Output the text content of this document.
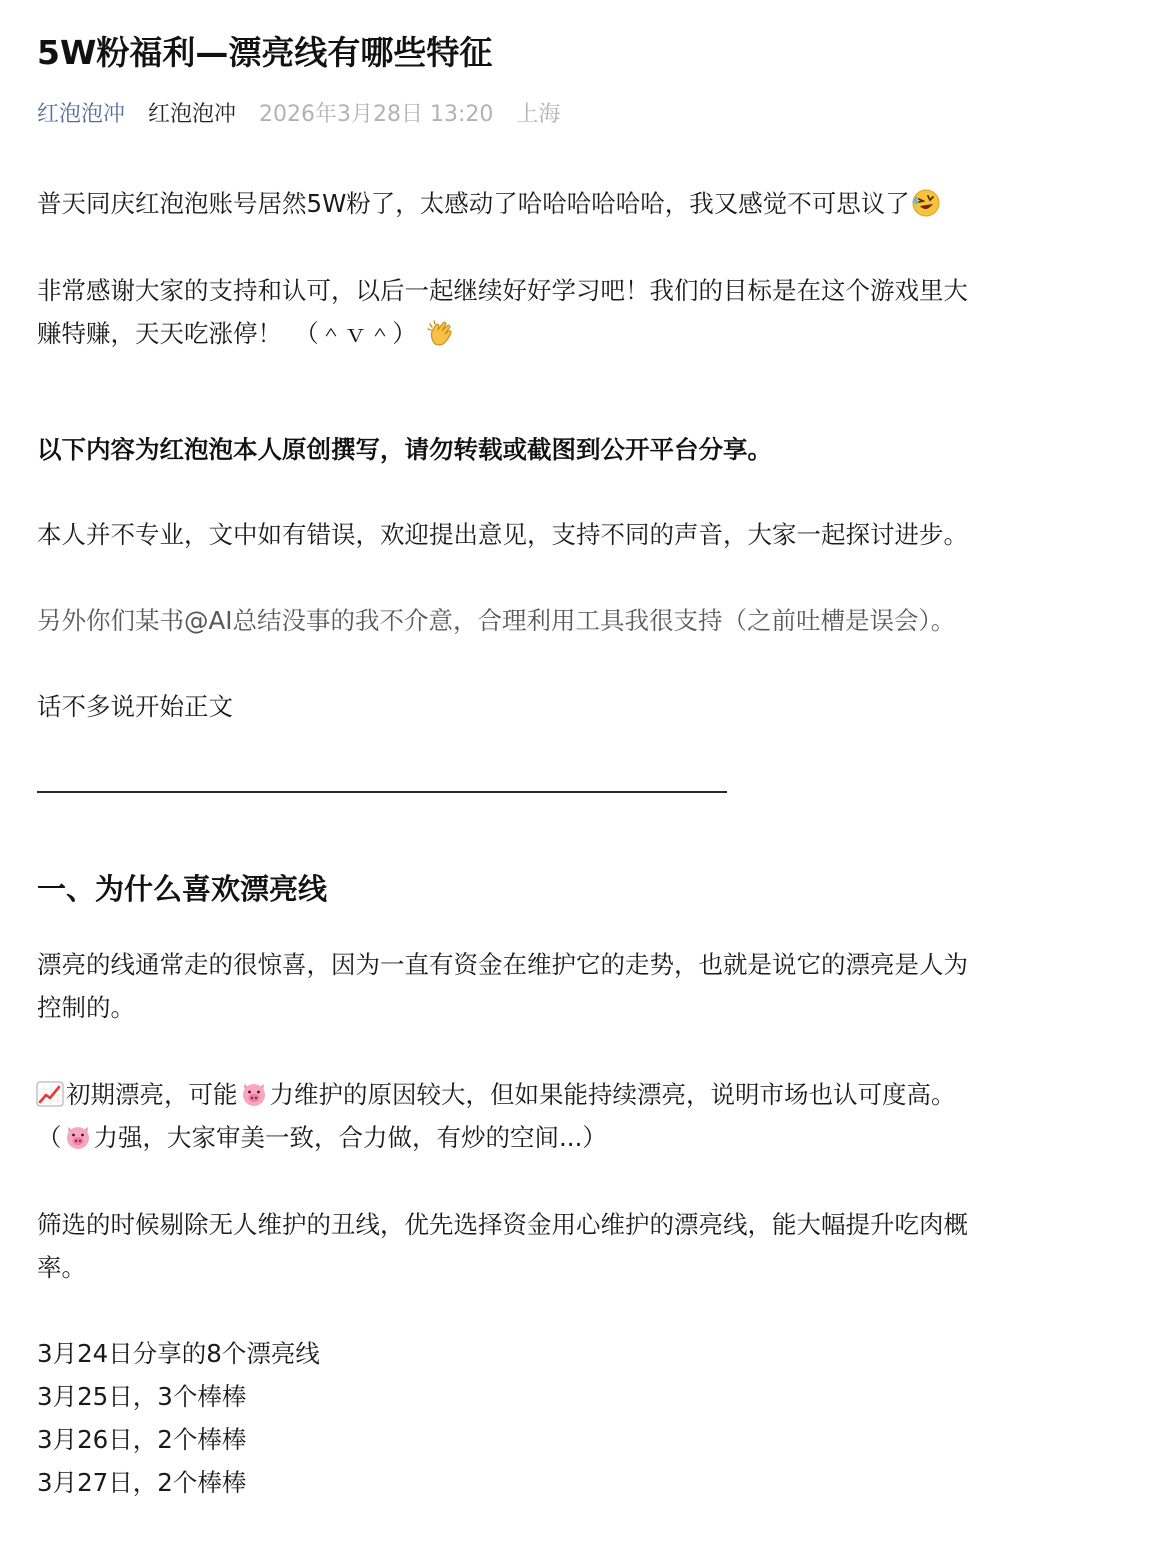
5W粉福利—漂亮线有哪些特征
红泡泡冲 红泡泡冲 2026年3月28日 13:20 上海
普天同庆红泡泡账号居然5W粉了，太感动了哈哈哈哈哈哈，我又感觉不可思议了
非常感谢大家的支持和认可，以后一起继续好好学习吧！我们的目标是在这个游戏里大
赚特赚，天天吃涨停！　（＾ｖ＾）
以下内容为红泡泡本人原创撰写，请勿转载或截图到公开平台分享。
本人并不专业，文中如有错误，欢迎提出意见，支持不同的声音，大家一起探讨进步。
另外你们某书@AI总结没事的我不介意，合理利用工具我很支持（之前吐槽是误会）。
话不多说开始正文
一、为什么喜欢漂亮线
漂亮的线通常走的很惊喜，因为一直有资金在维护它的走势，也就是说它的漂亮是人为
控制的。
初期漂亮，可能 力维护的原因较大，但如果能持续漂亮，说明市场也认可度高。
（ 力强，大家审美一致，合力做，有炒的空间...）
筛选的时候剔除无人维护的丑线，优先选择资金用心维护的漂亮线，能大幅提升吃肉概
率。
3月24日分享的8个漂亮线
3月25日，3个棒棒
3月26日，2个棒棒
3月27日，2个棒棒
